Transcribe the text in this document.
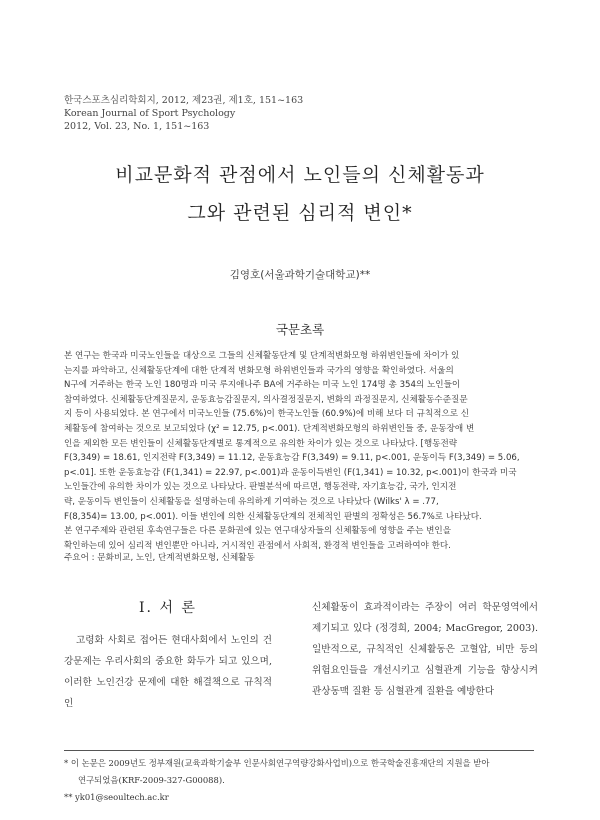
한국스포츠심리학회지, 2012, 제23권, 제1호, 151~163
Korean Journal of Sport Psychology
2012, Vol. 23, No. 1, 151~163
비교문화적 관점에서 노인들의 신체활동과
그와 관련된 심리적 변인*
김영호(서울과학기술대학교)**
국문초록
본 연구는 한국과 미국노인들을 대상으로 그들의 신체활동단계 및 단계적변화모형 하위변인들에 차이가 있
는지를 파악하고, 신체활동단계에 대한 단계적 변화모형 하위변인들과 국가의 영향을 확인하였다. 서울의
N구에 거주하는 한국 노인 180명과 미국 루지애나주 BA에 거주하는 미국 노인 174명 총 354의 노인들이
참여하였다. 신체활동단계질문지, 운동효능감질문지, 의사결정질문지, 변화의 과정질문지, 신체활동수준질문
지 등이 사용되었다. 본 연구에서 미국노인들 (75.6%)이 한국노인들 (60.9%)에 비해 보다 더 규칙적으로 신
체활동에 참여하는 것으로 보고되었다 (χ² = 12.75, p<.001). 단계적변화모형의 하위변인들 중, 운동장애 변
인을 제외한 모든 변인들이 신체활동단계별로 통계적으로 유의한 차이가 있는 것으로 나타났다. [행동전략
F(3,349) = 18.61, 인지전략 F(3,349) = 11.12, 운동효능감 F(3,349) = 9.11, p<.001, 운동이득 F(3,349) = 5.06,
p<.01]. 또한 운동효능감 (F(1,341) = 22.97, p<.001)과 운동이득변인 (F(1,341) = 10.32, p<.001)이 한국과 미국
노인들간에 유의한 차이가 있는 것으로 나타났다. 판별분석에 따르면, 행동전략, 자기효능감, 국가, 인지전
략, 운동이득 변인들이 신체활동을 설명하는데 유의하게 기여하는 것으로 나타났다 (Wilks' λ = .77,
F(8,354)= 13.00, p<.001). 이들 변인에 의한 신체활동단계의 전체적인 판별의 정확성은 56.7%로 나타났다.
본 연구주제와 관련된 후속연구들은 다른 문화권에 있는 연구대상자들의 신체활동에 영향을 주는 변인을
확인하는데 있어 심리적 변인뿐만 아니라, 거시적인 관점에서 사회적, 환경적 변인들을 고려하여야 한다.
주요어 : 문화비교, 노인, 단계적변화모형, 신체활동
I. 서 론
고령화 사회로 접어든 현대사회에서 노인의 건강문제는 우리사회의 중요한 화두가 되고 있으며, 이러한 노인건강 문제에 대한 해결책으로 규칙적인
신체활동이 효과적이라는 주장이 여러 학문영역에서 제기되고 있다 (정경희, 2004; MacGregor, 2003). 일반적으로, 규칙적인 신체활동은 고혈압, 비만 등의 위험요인들을 개선시키고 심혈관계 기능을 향상시켜 관상동맥 질환 등 심혈관계 질환을 예방한다
* 이 논문은 2009년도 정부재원(교육과학기술부 인문사회연구역량강화사업비)으로 한국학술진흥재단의 지원을 받아
연구되었음(KRF-2009-327-G00088).
** yk01@seoultech.ac.kr
